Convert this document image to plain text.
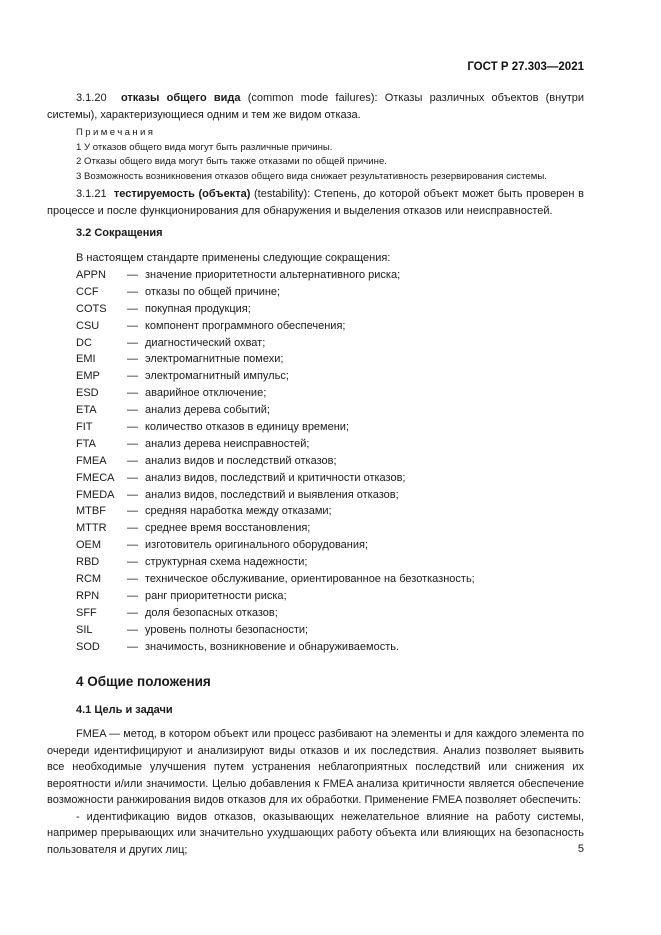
ГОСТ Р 27.303—2021

3.1.20 отказы общего вида (common mode failures): Отказы различных объектов (внутри системы), характеризующиеся одним и тем же видом отказа.

Примечания
1 У отказов общего вида могут быть различные причины.
2 Отказы общего вида могут быть также отказами по общей причине.
3 Возможность возникновения отказов общего вида снижает результативность резервирования системы.

3.1.21 тестируемость (объекта) (testability): Степень, до которой объект может быть проверен в процессе и после функционирования для обнаружения и выделения отказов или неисправностей.

3.2 Сокращения

В настоящем стандарте применены следующие сокращения:

APPN	— значение приоритетности альтернативного риска;
CCF	— отказы по общей причине;
COTS	— покупная продукция;
CSU	— компонент программного обеспечения;
DC	— диагностический охват;
EMI	— электромагнитные помехи;
EMP	— электромагнитный импульс;
ESD	— аварийное отключение;
ETA	— анализ дерева событий;
FIT	— количество отказов в единицу времени;
FTA	— анализ дерева неисправностей;
FMEA	— анализ видов и последствий отказов;
FMECA	— анализ видов, последствий и критичности отказов;
FMEDA	— анализ видов, последствий и выявления отказов;
MTBF	— средняя наработка между отказами;
MTTR	— среднее время восстановления;
OEM	— изготовитель оригинального оборудования;
RBD	— структурная схема надежности;
RCM	— техническое обслуживание, ориентированное на безотказность;
RPN	— ранг приоритетности риска;
SFF	— доля безопасных отказов;
SIL	— уровень полноты безопасности;
SOD	— значимость, возникновение и обнаруживаемость.
4 Общие положения
4.1 Цель и задачи

FMEA — метод, в котором объект или процесс разбивают на элементы и для каждого элемента по очереди идентифицируют и анализируют виды отказов и их последствия. Анализ позволяет выявить все необходимые улучшения путем устранения неблагоприятных последствий или снижения их вероятности и/или значимости. Целью добавления к FMEA анализа критичности является обеспечение возможности ранжирования видов отказов для их обработки. Применение FMEA позволяет обеспечить:

- идентификацию видов отказов, оказывающих нежелательное влияние на работу системы, например прерывающих или значительно ухудшающих работу объекта или влияющих на безопасность пользователя и других лиц;	5
